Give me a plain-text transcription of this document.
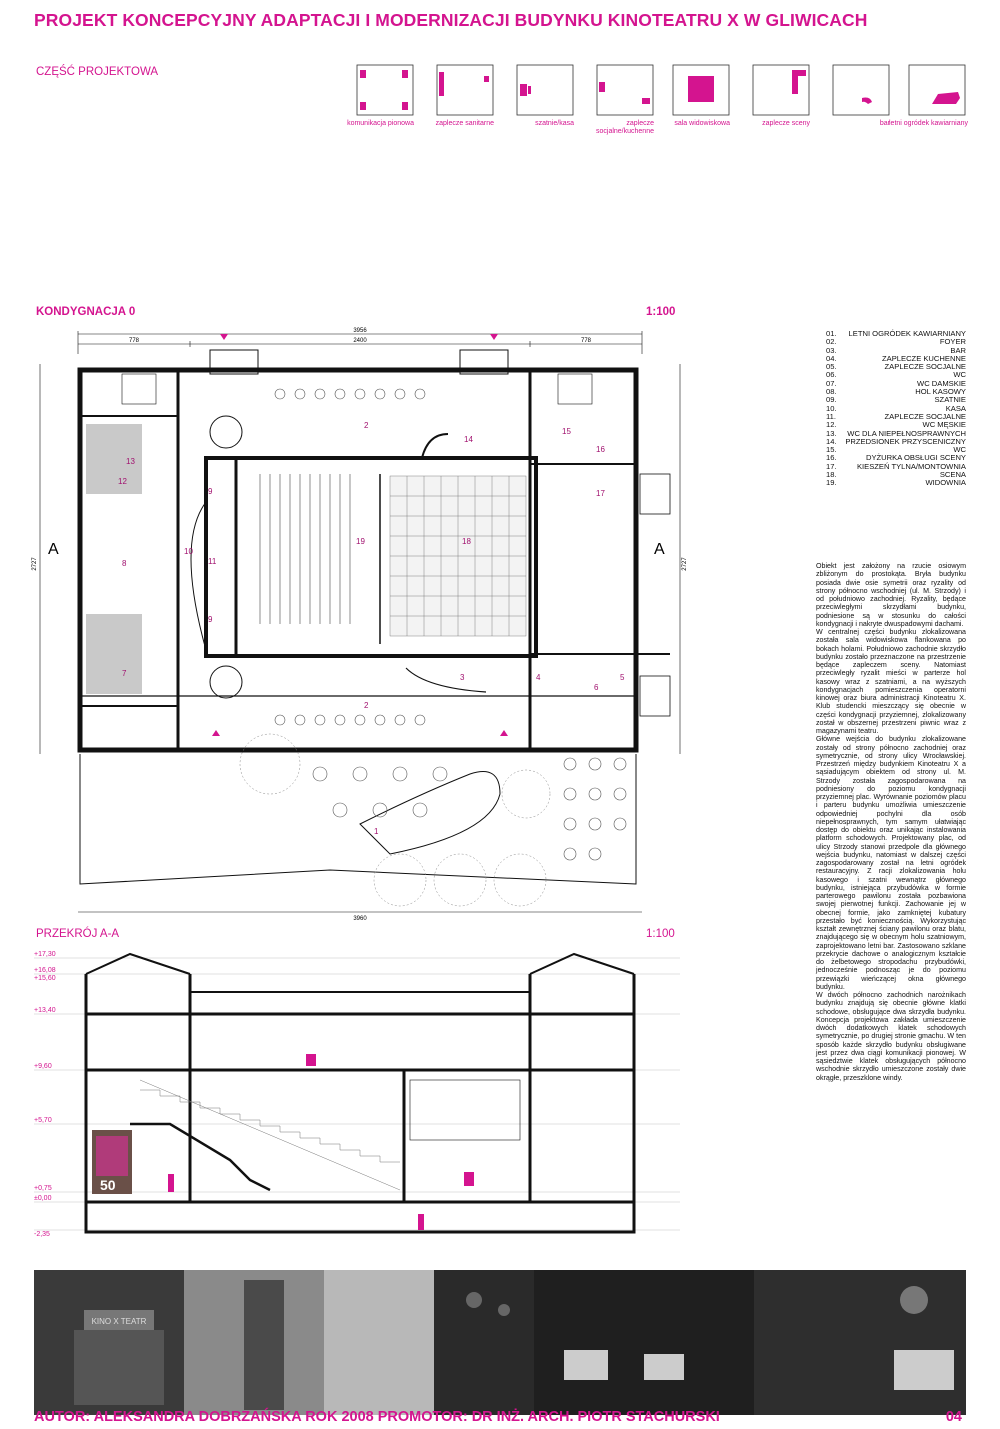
PROJEKT KONCEPCYJNY ADAPTACJI I MODERNIZACJI BUDYNKU KINOTEATRU X W GLIWICACH
CZĘŚĆ PROJEKTOWA
komunikacja pionowa	zaplecze sanitarne	szatnie/kasa	zaplecze socjalne/kuchenne
sala widowiskowa	zaplecze sceny	bar letni ogródek kawiarniany
KONDYGNACJA 0	1:100
3956
778	2400	778
3960
2727	2727
A	A
1
2
2
3	4	5
6
7
8
9
9
10
11
12
13
14
15
16
17
18
19
01. LETNI OGRÓDEK KAWIARNIANY
02.	FOYER
03.	BAR
04.	ZAPLECZE KUCHENNE
05.	ZAPLECZE SOCJALNE
06.	WC
07.	WC DAMSKIE
08.	HOL KASOWY
09.	SZATNIE
10.	KASA
11.	ZAPLECZE SOCJALNE
12.	WC MĘSKIE
13. WC DLA NIEPEŁNOSPRAWNYCH
14. PRZEDSIONEK PRZYSCENICZNY
15.	WC
16.	DYŻURKA OBSŁUGI SCENY
17.	KIESZEŃ TYLNA/MONTOWNIA
18.	SCENA
19.	WIDOWNIA

Obiekt jest założony na rzucie osiowym zbliżonym do prostokąta. Bryła budynku posiada dwie osie symetrii oraz ryzality od strony północno wschodniej (ul. M. Strzody) i od południowo zachodniej. Ryzality, będące przeciwległymi skrzydłami budynku, podniesione są w stosunku do całości kondygnacji i nakryte dwuspadowymi dachami.

W centralnej części budynku zlokalizowana została sala widowiskowa flankowana po bokach holami. Południowo zachodnie skrzydło budynku zostało przeznaczone na przestrzenie będące zapleczem sceny. Natomiast przeciwległy ryzalit mieści w parterze hol kasowy wraz z szatniami, a na wyższych kondygnacjach pomieszczenia operatorni kinowej oraz biura administracji Kinoteatru X. Klub studencki mieszczący się obecnie w części kondygnacji przyziemnej, zlokalizowany został w obszernej przestrzeni piwnic wraz z magazynami teatru.

Główne wejścia do budynku zlokalizowane zostały od strony północno zachodniej oraz symetrycznie, od strony ulicy Wrocławskiej. Przestrzeń między budynkiem Kinoteatru X a sąsiadującym obiektem od strony ul. M. Strzody została zagospodarowana na podniesiony do poziomu kondygnacji przyziemnej plac. Wyrównanie poziomów placu i parteru budynku umożliwia umieszczenie odpowiedniej pochylni dla osób niepełnosprawnych, tym samym ułatwiając dostęp do obiektu oraz unikając instalowania platform schodowych. Projektowany plac, od ulicy Strzody stanowi przedpole dla głównego wejścia budynku, natomiast w dalszej części zagospodarowany został na letni ogródek restauracyjny. Z racji zlokalizowania holu kasowego i szatni wewnątrz głównego budynku, istniejąca przybudówka w formie parterowego pawilonu została pozbawiona swojej pierwotnej funkcji. Zachowanie jej w obecnej formie, jako zamkniętej kubatury przestało być koniecznością. Wykorzystując kształt zewnętrznej ściany pawilonu oraz blatu, znajdującego się w obecnym holu szatniowym, zaprojektowano letni bar. Zastosowano szklane przekrycie dachowe o analogicznym kształcie do żelbetowego stropodachu przybudówki, jednocześnie podnosząc je do poziomu przewiązki wieńczącej okna głównego budynku.

W dwóch północno zachodnich narożnikach budynku znajdują się obecnie główne klatki schodowe, obsługujące dwa skrzydła budynku. Koncepcja projektowa zakłada umieszczenie dwóch dodatkowych klatek schodowych symetrycznie, po drugiej stronie gmachu. W ten sposób każde skrzydło budynku obsługiwane jest przez dwa ciągi komunikacji pionowej. W sąsiedztwie klatek obsługujących północno wschodnie skrzydło umieszczone zostały dwie okrągłe, przeszklone windy.

PRZEKRÓJ A-A	1:100
+17,30
+16,08
+15,60
+13,40
+9,60
+5,70
+0,75
±0,00
-2,35
50
KINO X TEATR
AUTOR: ALEKSANDRA DOBRZAŃSKA ROK 2008 PROMOTOR: DR INŻ. ARCH. PIOTR STACHURSKI	04
